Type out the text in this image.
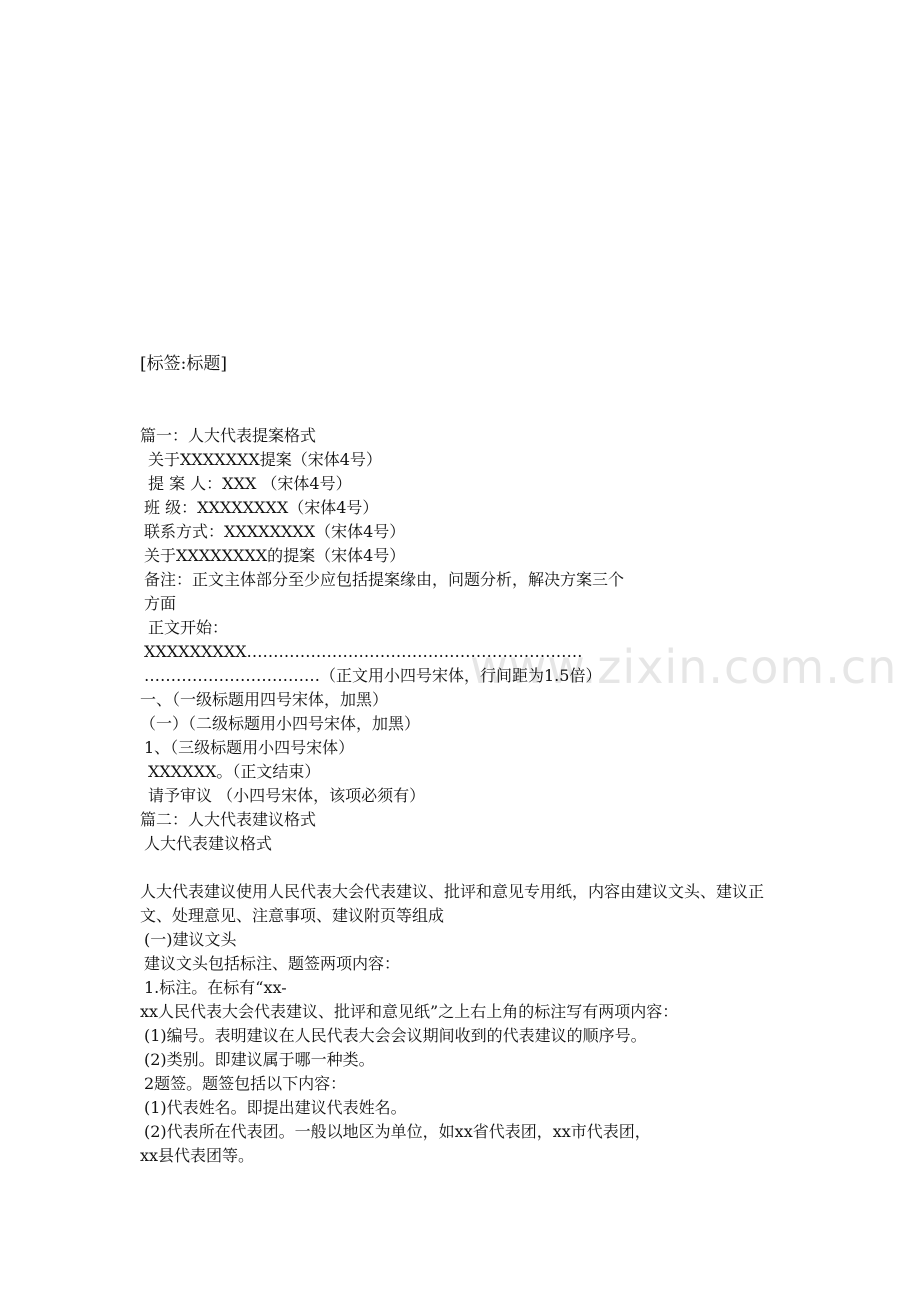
[标签:标题]
www.zixin.com.cn
篇一：人大代表提案格式
关于XXXXXXX提案（宋体4号）
提 案 人：XXX （宋体4号）
班 级：XXXXXXXX（宋体4号）
联系方式：XXXXXXXX（宋体4号）
关于XXXXXXXX的提案（宋体4号）
备注：正文主体部分至少应包括提案缘由，问题分析，解决方案三个
方面
正文开始：
XXXXXXXXX………………………………………………………
……………………………（正文用小四号宋体，行间距为1.5倍）
一、（一级标题用四号宋体，加黑）
（一）（二级标题用小四号宋体，加黑）
1、（三级标题用小四号宋体）
XXXXXX。（正文结束）
请予审议 （小四号宋体，该项必须有）
篇二：人大代表建议格式
人大代表建议格式
人大代表建议使用人民代表大会代表建议、批评和意见专用纸，内容由建议文头、建议正文、处理意见、注意事项、建议附页等组成
(一)建议文头
建议文头包括标注、题签两项内容：
1.标注。在标有“xx-
xx人民代表大会代表建议、批评和意见纸”之上右上角的标注写有两项内容：
(1)编号。表明建议在人民代表大会会议期间收到的代表建议的顺序号。
(2)类别。即建议属于哪一种类。
2题签。题签包括以下内容：
(1)代表姓名。即提出建议代表姓名。
(2)代表所在代表团。一般以地区为单位，如xx省代表团，xx市代表团，
xx县代表团等。
